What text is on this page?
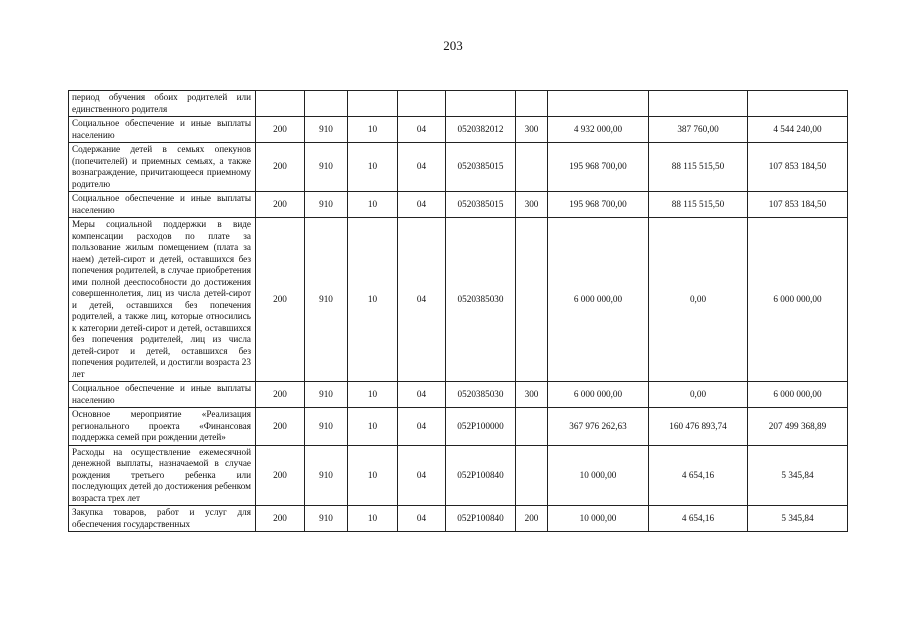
203
период обучения обоих родителей или единственного родителя									
Социальное обеспечение и иные выплаты населению	200	910	10	04	0520382012	300	4 932 000,00	387 760,00	4 544 240,00
Содержание детей в семьях опекунов (попечителей) и приемных семьях, а также вознаграждение, причитающееся приемному родителю	200	910	10	04	0520385015		195 968 700,00	88 115 515,50	107 853 184,50
Социальное обеспечение и иные выплаты населению	200	910	10	04	0520385015	300	195 968 700,00	88 115 515,50	107 853 184,50
Меры социальной поддержки в виде компенсации расходов по плате за пользование жилым помещением (плата за наем) детей-сирот и детей, оставшихся без попечения родителей, в случае приобретения ими полной дееспособности до достижения совершеннолетия, лиц из числа детей-сирот и детей, оставшихся без попечения родителей, а также лиц, которые относились к категории детей-сирот и детей, оставшихся без попечения родителей, лиц из числа детей-сирот и детей, оставшихся без попечения родителей, и достигли возраста 23 лет	200	910	10	04	0520385030		6 000 000,00	0,00	6 000 000,00
Социальное обеспечение и иные выплаты населению	200	910	10	04	0520385030	300	6 000 000,00	0,00	6 000 000,00
Основное мероприятие «Реализация регионального проекта «Финансовая поддержка семей при рождении детей»	200	910	10	04	052P100000		367 976 262,63	160 476 893,74	207 499 368,89
Расходы на осуществление ежемесячной денежной выплаты, назначаемой в случае рождения третьего ребенка или последующих детей до достижения ребенком возраста трех лет	200	910	10	04	052P100840		10 000,00	4 654,16	5 345,84
Закупка товаров, работ и услуг для обеспечения государственных	200	910	10	04	052P100840	200	10 000,00	4 654,16	5 345,84
